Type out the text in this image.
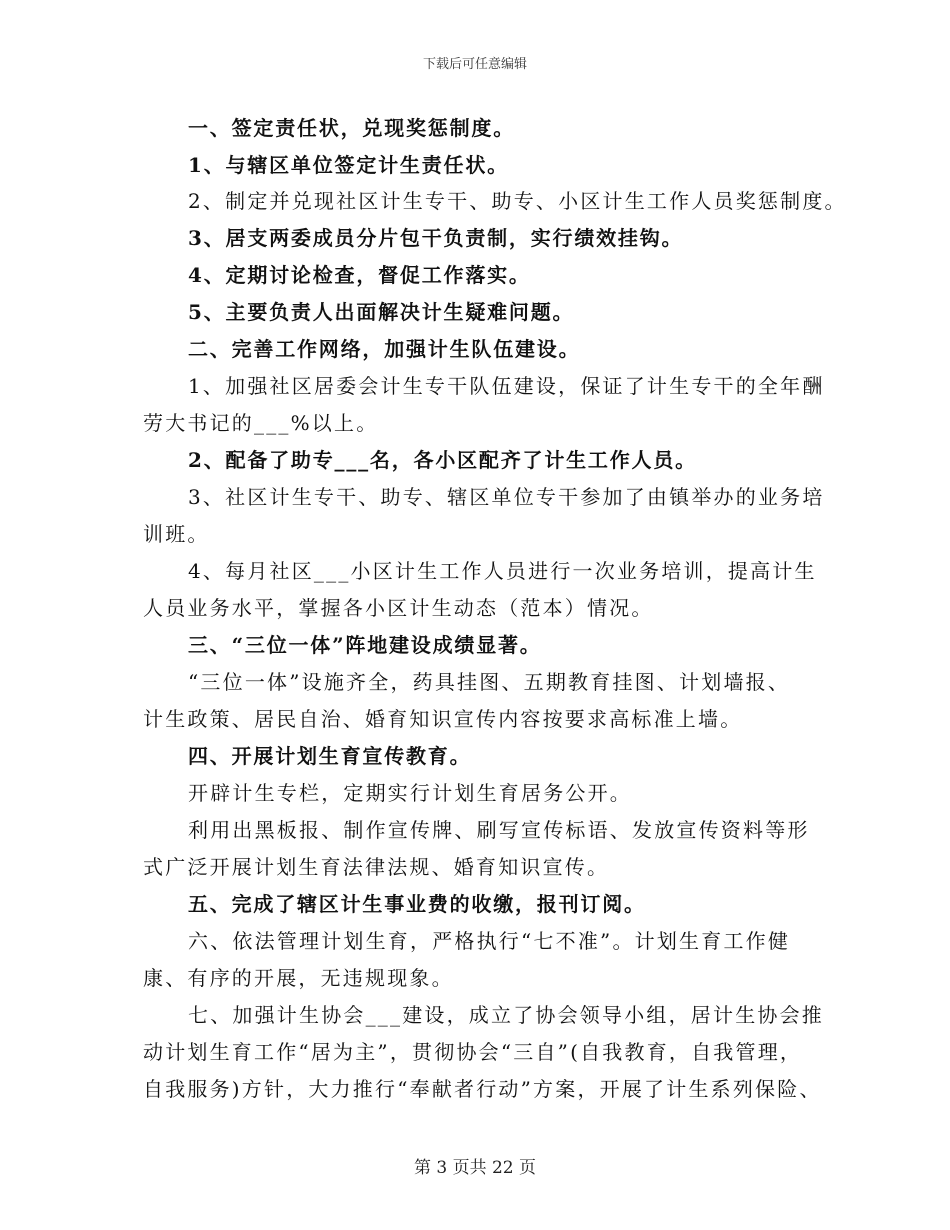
下载后可任意编辑
一、签定责任状，兑现奖惩制度。
1、与辖区单位签定计生责任状。
2、制定并兑现社区计生专干、助专、小区计生工作人员奖惩制度。
3、居支两委成员分片包干负责制，实行绩效挂钩。
4、定期讨论检查，督促工作落实。
5、主要负责人出面解决计生疑难问题。
二、完善工作网络，加强计生队伍建设。
1、加强社区居委会计生专干队伍建设，保证了计生专干的全年酬
劳大书记的___%以上。
2、配备了助专___名，各小区配齐了计生工作人员。
3、社区计生专干、助专、辖区单位专干参加了由镇举办的业务培
训班。
4、每月社区___小区计生工作人员进行一次业务培训，提高计生
人员业务水平，掌握各小区计生动态（范本）情况。
三、“三位一体”阵地建设成绩显著。
“三位一体”设施齐全，药具挂图、五期教育挂图、计划墙报、
计生政策、居民自治、婚育知识宣传内容按要求高标准上墙。
四、开展计划生育宣传教育。
开辟计生专栏，定期实行计划生育居务公开。
利用出黑板报、制作宣传牌、刷写宣传标语、发放宣传资料等形
式广泛开展计划生育法律法规、婚育知识宣传。
五、完成了辖区计生事业费的收缴，报刊订阅。
六、依法管理计划生育，严格执行“七不准”。计划生育工作健
康、有序的开展，无违规现象。
七、加强计生协会___建设，成立了协会领导小组，居计生协会推
动计划生育工作“居为主”，贯彻协会“三自”(自我教育，自我管理，
自我服务)方针，大力推行“奉献者行动”方案，开展了计生系列保险、
第 3 页共 22 页
